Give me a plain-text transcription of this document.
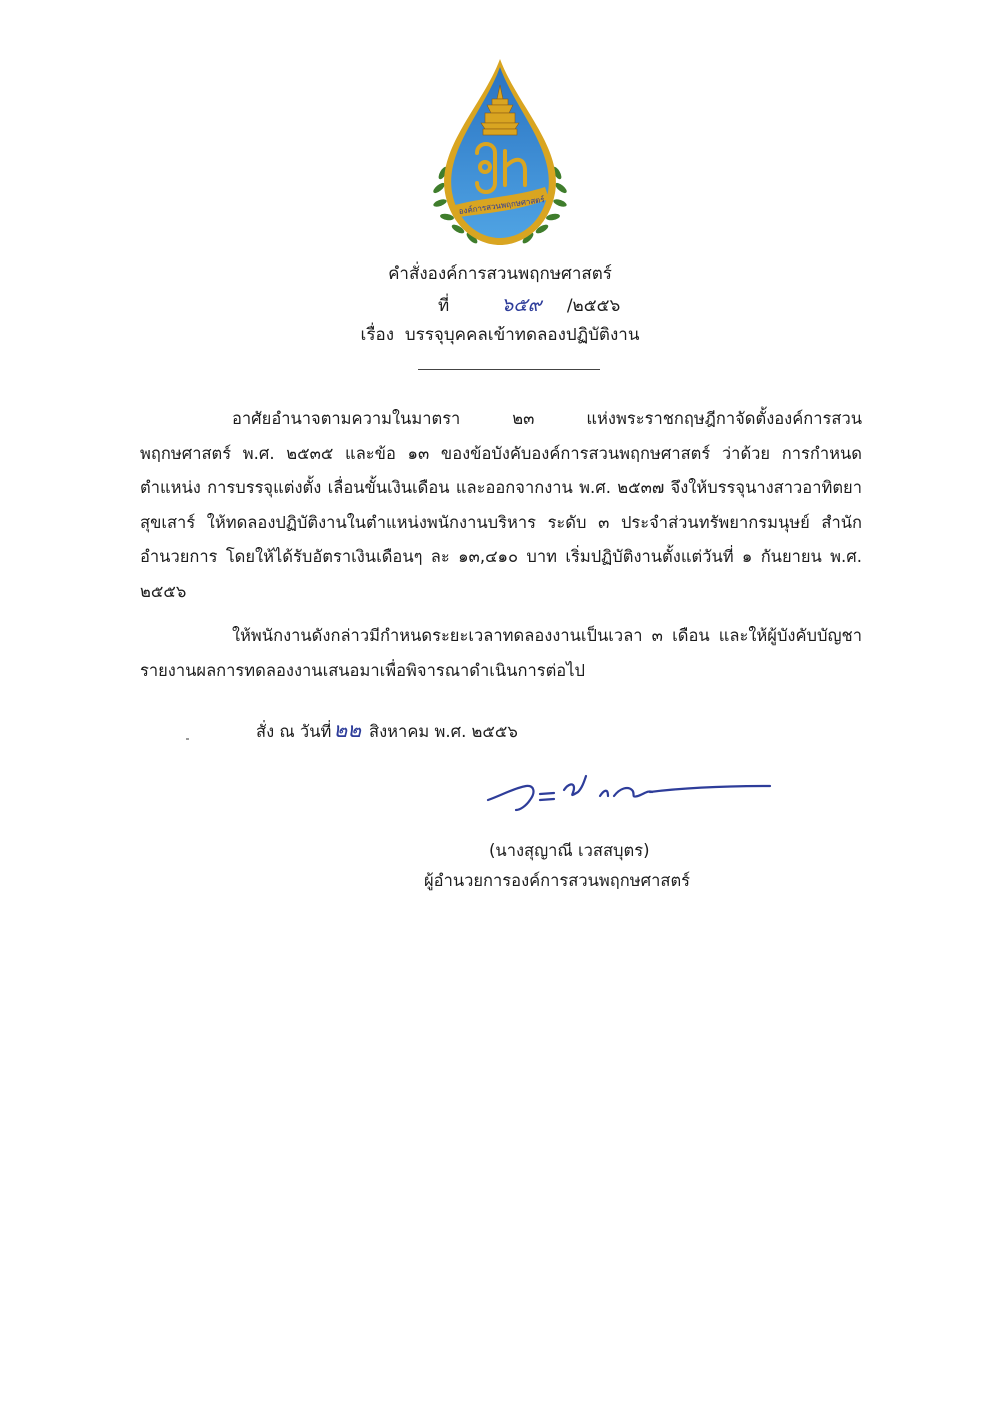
องค์การสวนพฤกษศาสตร์
คำสั่งองค์การสวนพฤกษศาสตร์
ที่	๖๕๙ /๒๕๕๖
เรื่อง บรรจุบุคคลเข้าทดลองปฏิบัติงาน
อาศัยอำนาจตามความในมาตรา ๒๓ แห่งพระราชกฤษฎีกาจัดตั้งองค์การสวน
พฤกษศาสตร์ พ.ศ. ๒๕๓๕ และข้อ ๑๓ ของข้อบังคับองค์การสวนพฤกษศาสตร์ ว่าด้วย การกำหนด
ตำแหน่ง การบรรจุแต่งตั้ง เลื่อนขั้นเงินเดือน และออกจากงาน พ.ศ. ๒๕๓๗ จึงให้บรรจุนางสาวอาทิตยา
สุขเสาร์ ให้ทดลองปฏิบัติงานในตำแหน่งพนักงานบริหาร ระดับ ๓ ประจำส่วนทรัพยากรมนุษย์ สำนัก
อำนวยการ โดยให้ได้รับอัตราเงินเดือนๆ ละ ๑๓,๔๑๐ บาท เริ่มปฏิบัติงานตั้งแต่วันที่ ๑ กันยายน พ.ศ.
๒๕๕๖
ให้พนักงานดังกล่าวมีกำหนดระยะเวลาทดลองงานเป็นเวลา ๓ เดือน และให้ผู้บังคับบัญชา
รายงานผลการทดลองงานเสนอมาเพื่อพิจารณาดำเนินการต่อไป
สั่ง ณ วันที่๒๒ สิงหาคม พ.ศ. ๒๕๕๖
(นางสุญาณี เวสสบุตร)
ผู้อำนวยการองค์การสวนพฤกษศาสตร์
